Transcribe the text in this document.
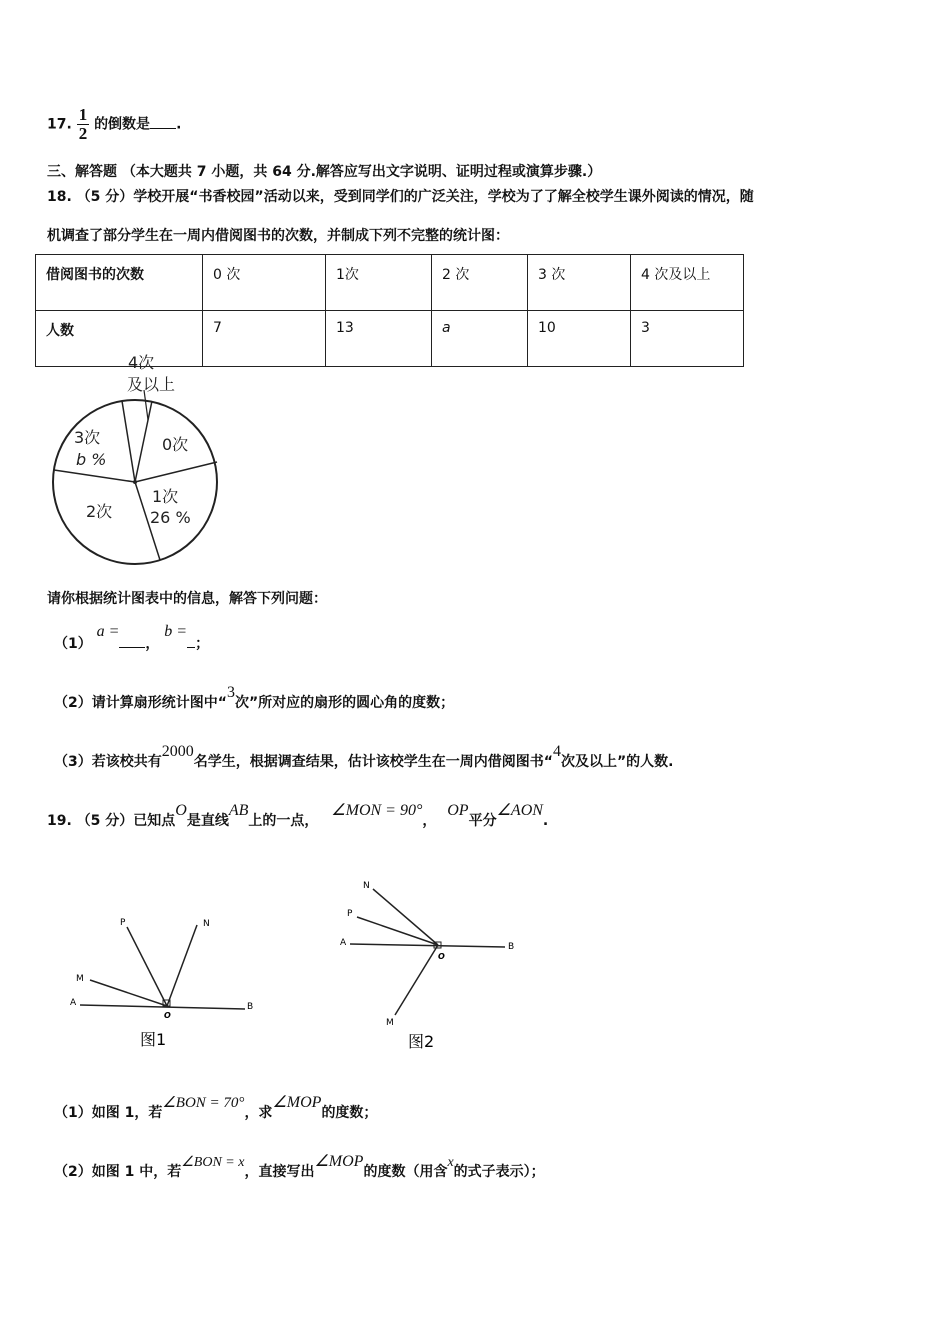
17. $\frac{1}{2}$ 的倒数是 .
三、解答题 （本大题共 7 小题，共 64 分.解答应写出文字说明、证明过程或演算步骤.）
18. （5 分）学校开展“书香校园”活动以来，受到同学们的广泛关注，学校为了了解全校学生课外阅读的情况，随
机调查了部分学生在一周内借阅图书的次数，并制成下列不完整的统计图：
借阅图书的次数	0 次	1次	2 次	3 次	4 次及以上
人数	7	13	a	10	3
4次
及以上
0次
1次
26 %
2次
3次
b %
请你根据统计图表中的信息，解答下列问题：
（1） a =， b =；
（2）请计算扇形统计图中“3次”所对应的扇形的圆心角的度数；
（3）若该校共有2000名学生，根据调查结果，估计该校学生在一周内借阅图书“4次及以上”的人数.
19. （5 分）已知点O是直线AB上的一点， ∠MON = 90°， OP平分∠AON.
P	N
M
A	B
O
图1
N
P
A	B
O
M
图2
（1）如图 1，若∠BON = 70°，求∠MOP的度数；
（2）如图 1 中，若∠BON = x，直接写出∠MOP的度数（用含x的式子表示）；
